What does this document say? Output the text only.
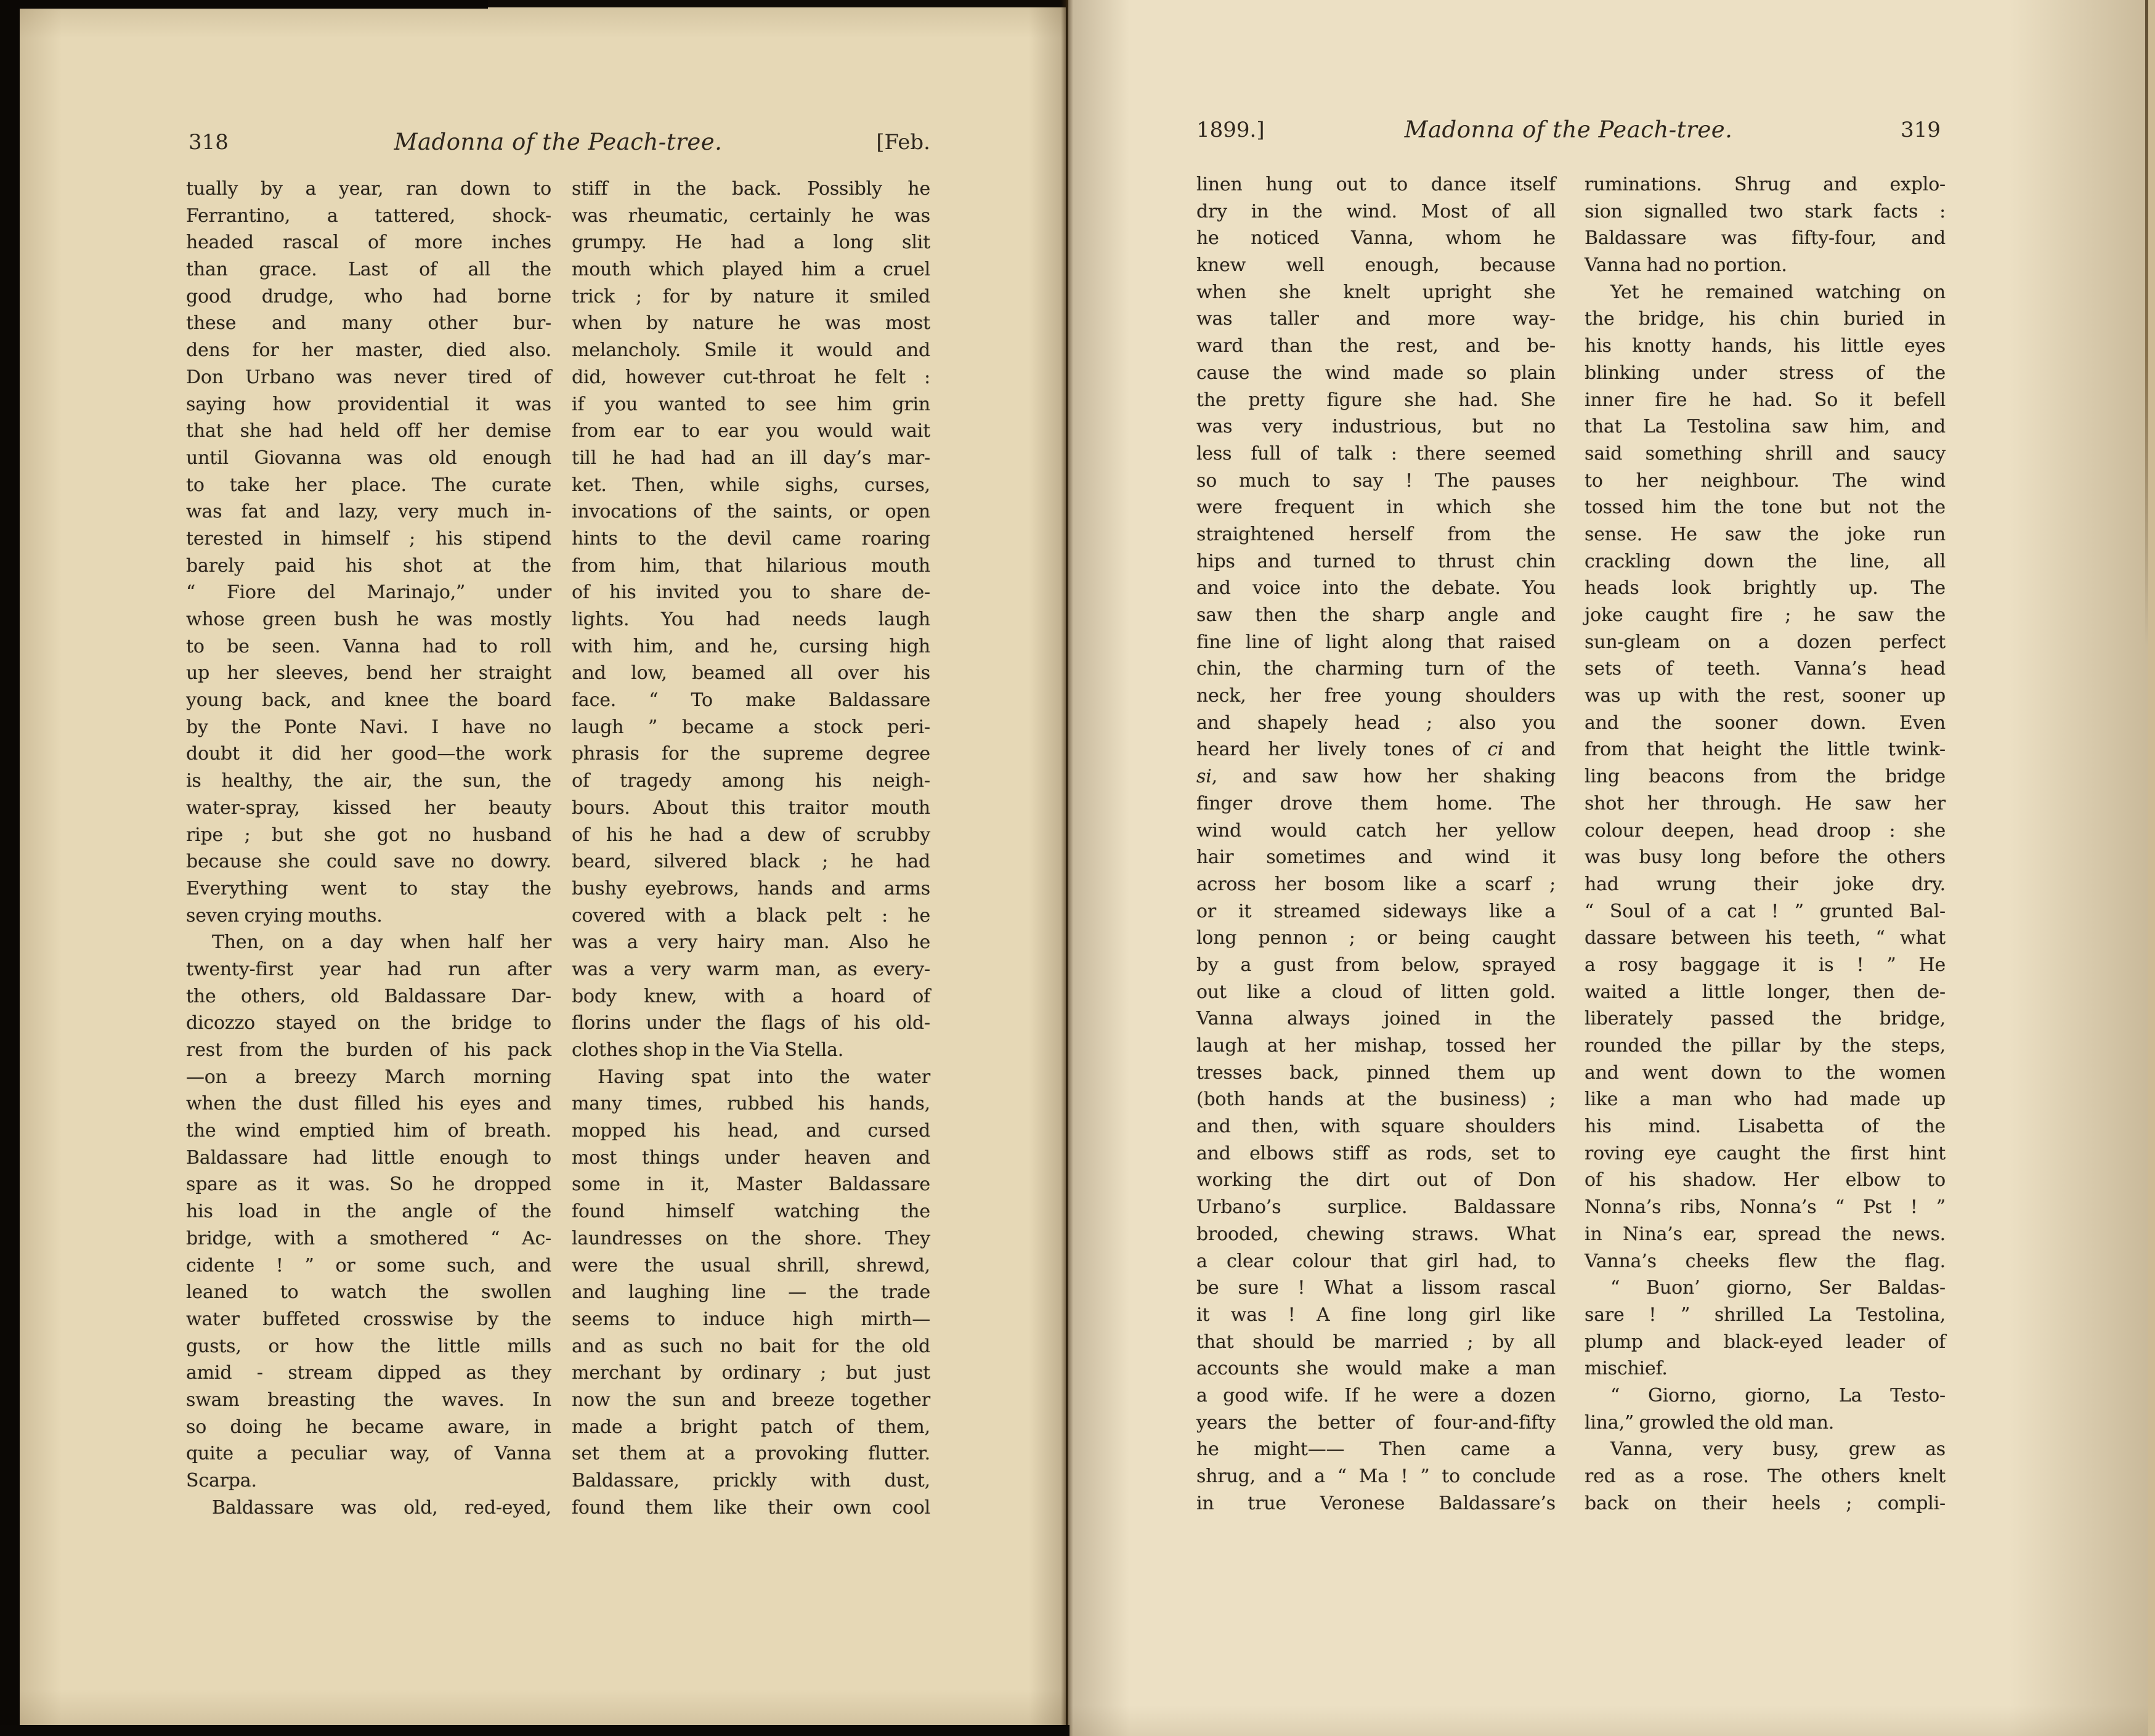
318	Madonna of the Peach-tree.	[Feb.
tually by a year, ran down to
Ferrantino, a tattered, shock-
headed rascal of more inches
than grace. Last of all the
good drudge, who had borne
these and many other bur-
dens for her master, died also.
Don Urbano was never tired of
saying how providential it was
that she had held off her demise
until Giovanna was old enough
to take her place. The curate
was fat and lazy, very much in-
terested in himself ; his stipend
barely paid his shot at the
“ Fiore del Marinajo,” under
whose green bush he was mostly
to be seen. Vanna had to roll
up her sleeves, bend her straight
young back, and knee the board
by the Ponte Navi. I have no
doubt it did her good—the work
is healthy, the air, the sun, the
water-spray, kissed her beauty
ripe ; but she got no husband
because she could save no dowry.
Everything went to stay the
seven crying mouths.
Then, on a day when half her
twenty-first year had run after
the others, old Baldassare Dar-
dicozzo stayed on the bridge to
rest from the burden of his pack
—on a breezy March morning
when the dust filled his eyes and
the wind emptied him of breath.
Baldassare had little enough to
spare as it was. So he dropped
his load in the angle of the
bridge, with a smothered “ Ac-
cidente ! ” or some such, and
leaned to watch the swollen
water buffeted crosswise by the
gusts, or how the little mills
amid - stream dipped as they
swam breasting the waves. In
so doing he became aware, in
quite a peculiar way, of Vanna
Scarpa.
Baldassare was old, red-eyed,
stiff in the back. Possibly he
was rheumatic, certainly he was
grumpy. He had a long slit
mouth which played him a cruel
trick ; for by nature it smiled
when by nature he was most
melancholy. Smile it would and
did, however cut-throat he felt :
if you wanted to see him grin
from ear to ear you would wait
till he had had an ill day’s mar-
ket. Then, while sighs, curses,
invocations of the saints, or open
hints to the devil came roaring
from him, that hilarious mouth
of his invited you to share de-
lights. You had needs laugh
with him, and he, cursing high
and low, beamed all over his
face. “ To make Baldassare
laugh ” became a stock peri-
phrasis for the supreme degree
of tragedy among his neigh-
bours. About this traitor mouth
of his he had a dew of scrubby
beard, silvered black ; he had
bushy eyebrows, hands and arms
covered with a black pelt : he
was a very hairy man. Also he
was a very warm man, as every-
body knew, with a hoard of
florins under the flags of his old-
clothes shop in the Via Stella.
Having spat into the water
many times, rubbed his hands,
mopped his head, and cursed
most things under heaven and
some in it, Master Baldassare
found himself watching the
laundresses on the shore. They
were the usual shrill, shrewd,
and laughing line — the trade
seems to induce high mirth—
and as such no bait for the old
merchant by ordinary ; but just
now the sun and breeze together
made a bright patch of them,
set them at a provoking flutter.
Baldassare, prickly with dust,
found them like their own cool
1899.]	Madonna of the Peach-tree.	319
linen hung out to dance itself
dry in the wind. Most of all
he noticed Vanna, whom he
knew well enough, because
when she knelt upright she
was taller and more way-
ward than the rest, and be-
cause the wind made so plain
the pretty figure she had. She
was very industrious, but no
less full of talk : there seemed
so much to say ! The pauses
were frequent in which she
straightened herself from the
hips and turned to thrust chin
and voice into the debate. You
saw then the sharp angle and
fine line of light along that raised
chin, the charming turn of the
neck, her free young shoulders
and shapely head ; also you
heard her lively tones of ci and
si, and saw how her shaking
finger drove them home. The
wind would catch her yellow
hair sometimes and wind it
across her bosom like a scarf ;
or it streamed sideways like a
long pennon ; or being caught
by a gust from below, sprayed
out like a cloud of litten gold.
Vanna always joined in the
laugh at her mishap, tossed her
tresses back, pinned them up
(both hands at the business) ;
and then, with square shoulders
and elbows stiff as rods, set to
working the dirt out of Don
Urbano’s surplice. Baldassare
brooded, chewing straws. What
a clear colour that girl had, to
be sure ! What a lissom rascal
it was ! A fine long girl like
that should be married ; by all
accounts she would make a man
a good wife. If he were a dozen
years the better of four-and-fifty
he might—— Then came a
shrug, and a “ Ma ! ” to conclude
in true Veronese Baldassare’s
ruminations. Shrug and explo-
sion signalled two stark facts :
Baldassare was fifty-four, and
Vanna had no portion.
Yet he remained watching on
the bridge, his chin buried in
his knotty hands, his little eyes
blinking under stress of the
inner fire he had. So it befell
that La Testolina saw him, and
said something shrill and saucy
to her neighbour. The wind
tossed him the tone but not the
sense. He saw the joke run
crackling down the line, all
heads look brightly up. The
joke caught fire ; he saw the
sun-gleam on a dozen perfect
sets of teeth. Vanna’s head
was up with the rest, sooner up
and the sooner down. Even
from that height the little twink-
ling beacons from the bridge
shot her through. He saw her
colour deepen, head droop : she
was busy long before the others
had wrung their joke dry.
“ Soul of a cat ! ” grunted Bal-
dassare between his teeth, “ what
a rosy baggage it is ! ” He
waited a little longer, then de-
liberately passed the bridge,
rounded the pillar by the steps,
and went down to the women
like a man who had made up
his mind. Lisabetta of the
roving eye caught the first hint
of his shadow. Her elbow to
Nonna’s ribs, Nonna’s “ Pst ! ”
in Nina’s ear, spread the news.
Vanna’s cheeks flew the flag.
“ Buon’ giorno, Ser Baldas-
sare ! ” shrilled La Testolina,
plump and black-eyed leader of
mischief.
“ Giorno, giorno, La Testo-
lina,” growled the old man.
Vanna, very busy, grew as
red as a rose. The others knelt
back on their heels ; compli-
